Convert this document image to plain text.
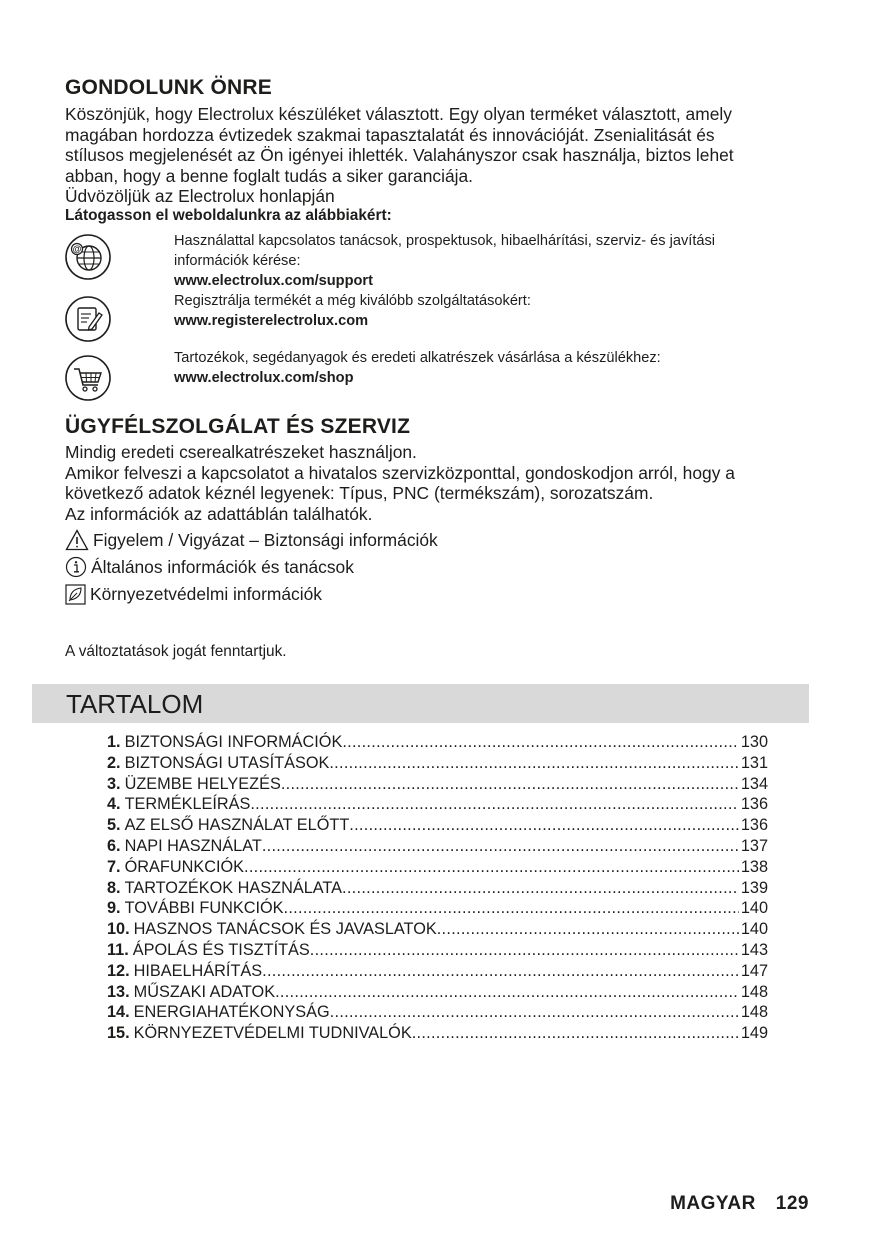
GONDOLUNK ÖNRE
Köszönjük, hogy Electrolux készüléket választott. Egy olyan terméket választott, amely
magában hordozza évtizedek szakmai tapasztalatát és innovációját. Zsenialitását és
stílusos megjelenését az Ön igényei ihlették. Valahányszor csak használja, biztos lehet
abban, hogy a benne foglalt tudás a siker garanciája.
Üdvözöljük az Electrolux honlapján
Látogasson el weboldalunkra az alábbiakért:
@	Használattal kapcsolatos tanácsok, prospektusok, hibaelhárítási, szerviz- és javítási
információk kérése:
www.electrolux.com/support
Regisztrálja termékét a még kiválóbb szolgáltatásokért:
www.registerelectrolux.com
Tartozékok, segédanyagok és eredeti alkatrészek vásárlása a készülékhez:
www.electrolux.com/shop
ÜGYFÉLSZOLGÁLAT ÉS SZERVIZ
Mindig eredeti cserealkatrészeket használjon.
Amikor felveszi a kapcsolatot a hivatalos szervizközponttal, gondoskodjon arról, hogy a
következő adatok kéznél legyenek: Típus, PNC (termékszám), sorozatszám.
Az információk az adattáblán találhatók.
Figyelem / Vigyázat – Biztonsági információk
Általános információk és tanácsok
Környezetvédelmi információk
A változtatások jogát fenntartjuk.
TARTALOM
1. BIZTONSÁGI INFORMÁCIÓK .....	130
2. BIZTONSÁGI UTASÍTÁSOK .....	131
3. ÜZEMBE HELYEZÉS .....	134
4. TERMÉKLEÍRÁS .....	136
5. AZ ELSŐ HASZNÁLAT ELŐTT .....	136
6. NAPI HASZNÁLAT .....	137
7. ÓRAFUNKCIÓK .....	138
8. TARTOZÉKOK HASZNÁLATA .....	139
9. TOVÁBBI FUNKCIÓK .....	140
10. HASZNOS TANÁCSOK ÉS JAVASLATOK .....	140
11. ÁPOLÁS ÉS TISZTÍTÁS .....	143
12. HIBAELHÁRÍTÁS .....	147
13. MŰSZAKI ADATOK .....	148
14. ENERGIAHATÉKONYSÁG .....	148
15. KÖRNYEZETVÉDELMI TUDNIVALÓK .....	149
MAGYAR 129
